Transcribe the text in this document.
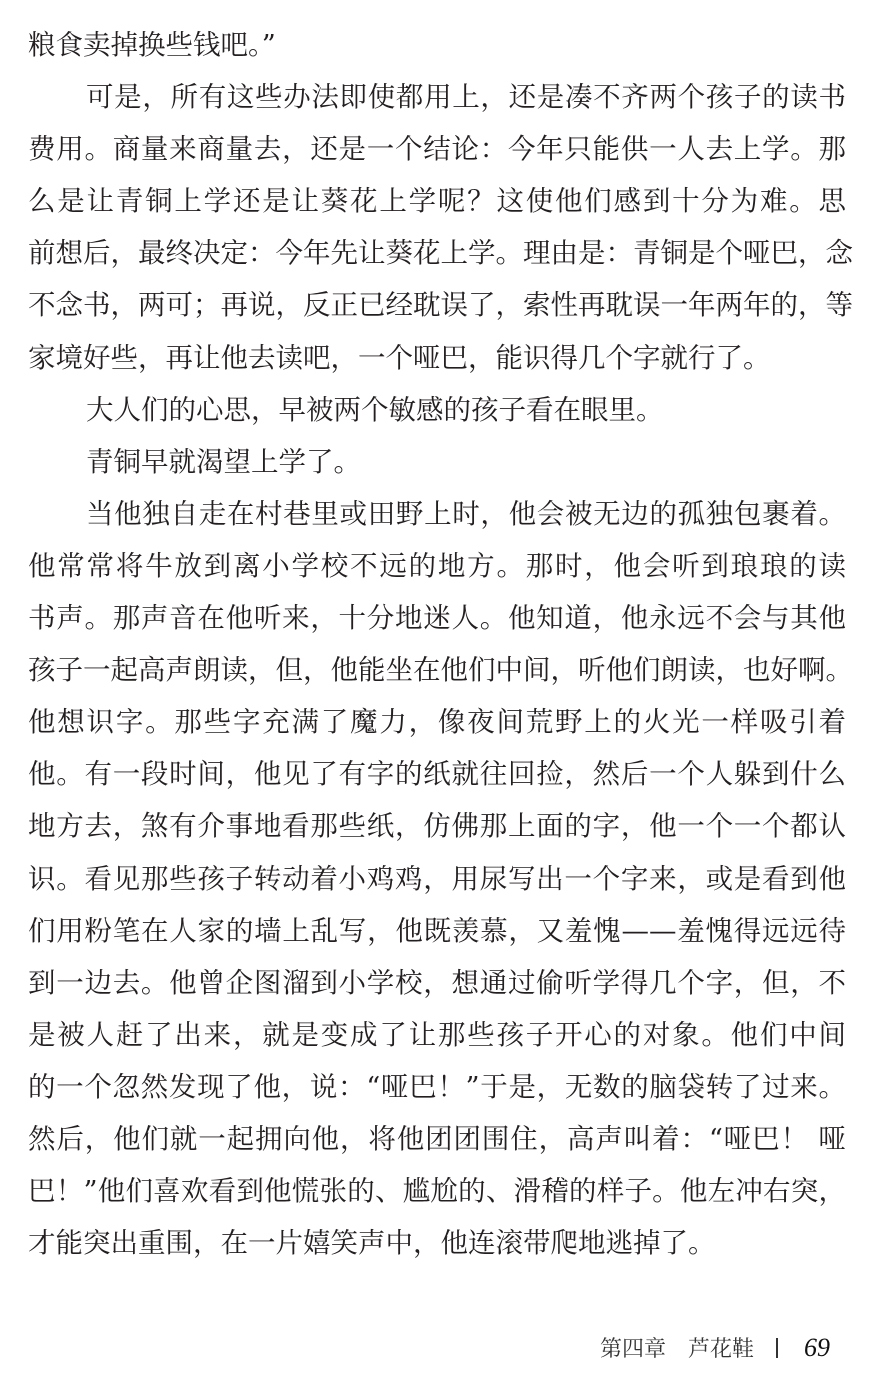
粮食卖掉换些钱吧。”
可是，所有这些办法即使都用上，还是凑不齐两个孩子的读书
费用。商量来商量去，还是一个结论：今年只能供一人去上学。那
么是让青铜上学还是让葵花上学呢？这使他们感到十分为难。思
前想后，最终决定：今年先让葵花上学。理由是：青铜是个哑巴，念
不念书，两可；再说，反正已经耽误了，索性再耽误一年两年的，等
家境好些，再让他去读吧，一个哑巴，能识得几个字就行了。
大人们的心思，早被两个敏感的孩子看在眼里。
青铜早就渴望上学了。
当他独自走在村巷里或田野上时，他会被无边的孤独包裹着。
他常常将牛放到离小学校不远的地方。那时，他会听到琅琅的读
书声。那声音在他听来，十分地迷人。他知道，他永远不会与其他
孩子一起高声朗读，但，他能坐在他们中间，听他们朗读，也好啊。
他想识字。那些字充满了魔力，像夜间荒野上的火光一样吸引着
他。有一段时间，他见了有字的纸就往回捡，然后一个人躲到什么
地方去，煞有介事地看那些纸，仿佛那上面的字，他一个一个都认
识。看见那些孩子转动着小鸡鸡，用尿写出一个字来，或是看到他
们用粉笔在人家的墙上乱写，他既羡慕，又羞愧——羞愧得远远待
到一边去。他曾企图溜到小学校，想通过偷听学得几个字，但，不
是被人赶了出来，就是变成了让那些孩子开心的对象。他们中间
的一个忽然发现了他，说：“哑巴！”于是，无数的脑袋转了过来。
然后，他们就一起拥向他，将他团团围住，高声叫着：“哑巴！ 哑
巴！”他们喜欢看到他慌张的、尴尬的、滑稽的样子。他左冲右突，
才能突出重围，在一片嬉笑声中，他连滚带爬地逃掉了。
第四章 芦花鞋 69
